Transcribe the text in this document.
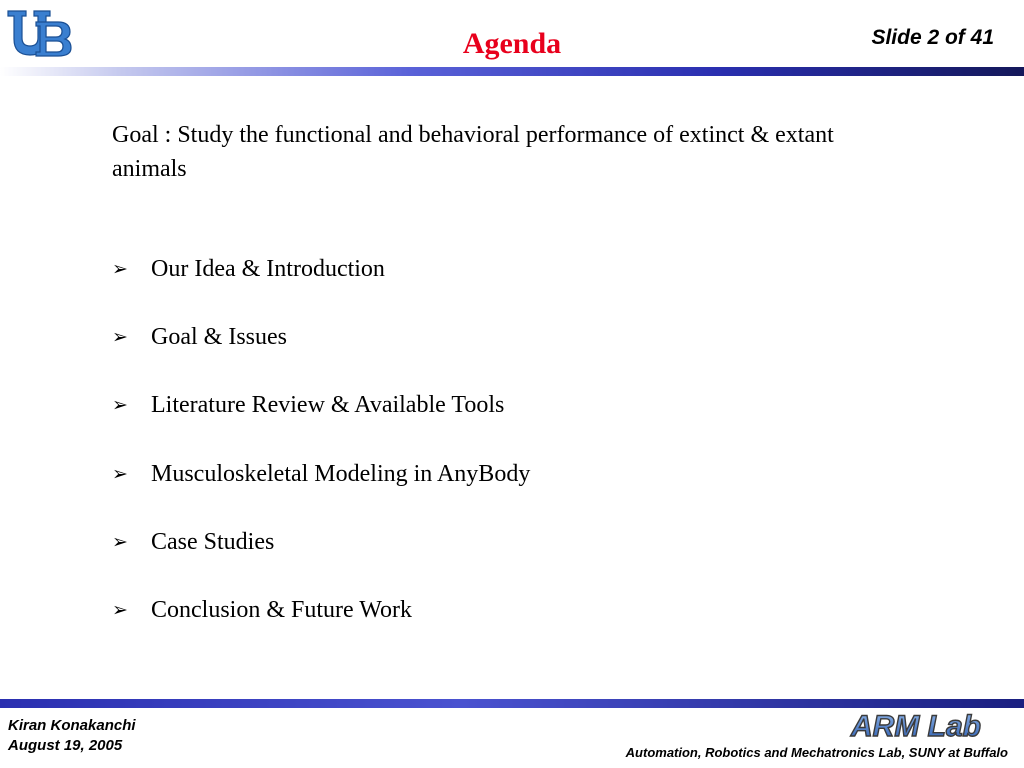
Agenda	Slide 2 of 41
Goal : Study the functional and behavioral performance of extinct & extant animals
➢ Our Idea & Introduction
➢ Goal & Issues
➢ Literature Review & Available Tools
➢ Musculoskeletal Modeling in AnyBody
➢ Case Studies
➢ Conclusion & Future Work
Kiran Konakanchi
August 19, 2005
ARM Lab
Automation, Robotics and Mechatronics Lab, SUNY at Buffalo
